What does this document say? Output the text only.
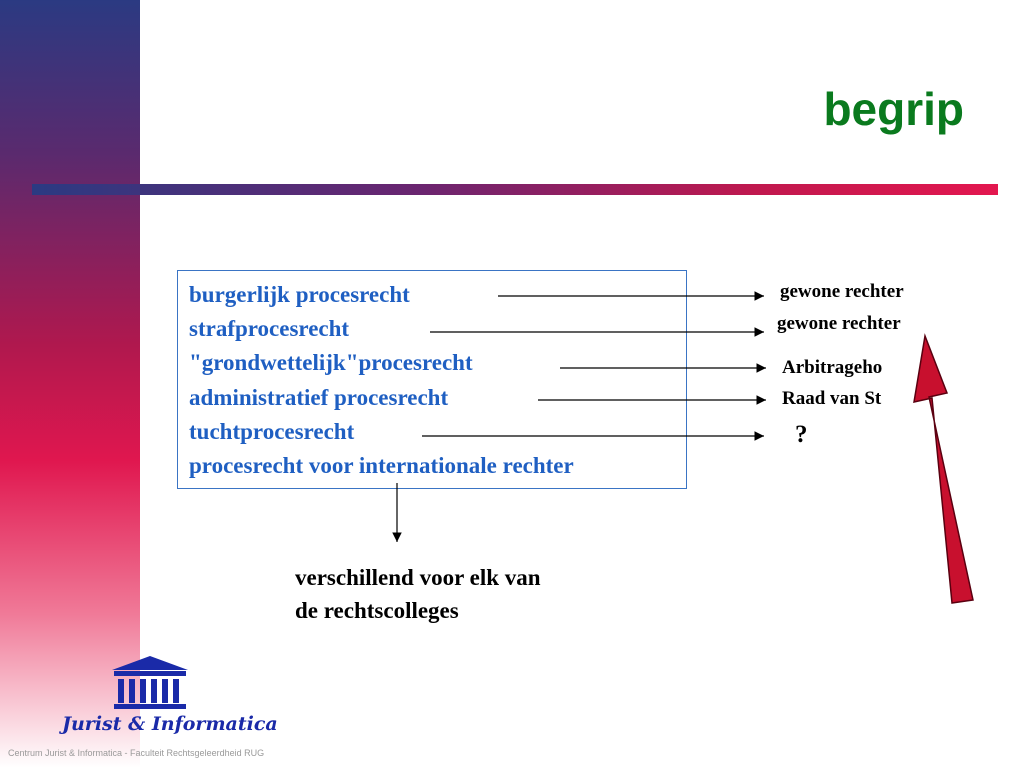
begrip
burgerlijk procesrecht
strafprocesrecht
"grondwettelijk"procesrecht
administratief procesrecht
tuchtprocesrecht
procesrecht voor internationale rechter
gewone rechter
gewone rechter
Arbitrageho
Raad van St
?
verschillend voor elk van
de rechtscolleges
Jurist & Informatica
Centrum Jurist & Informatica - Faculteit Rechtsgeleerdheid RUG
